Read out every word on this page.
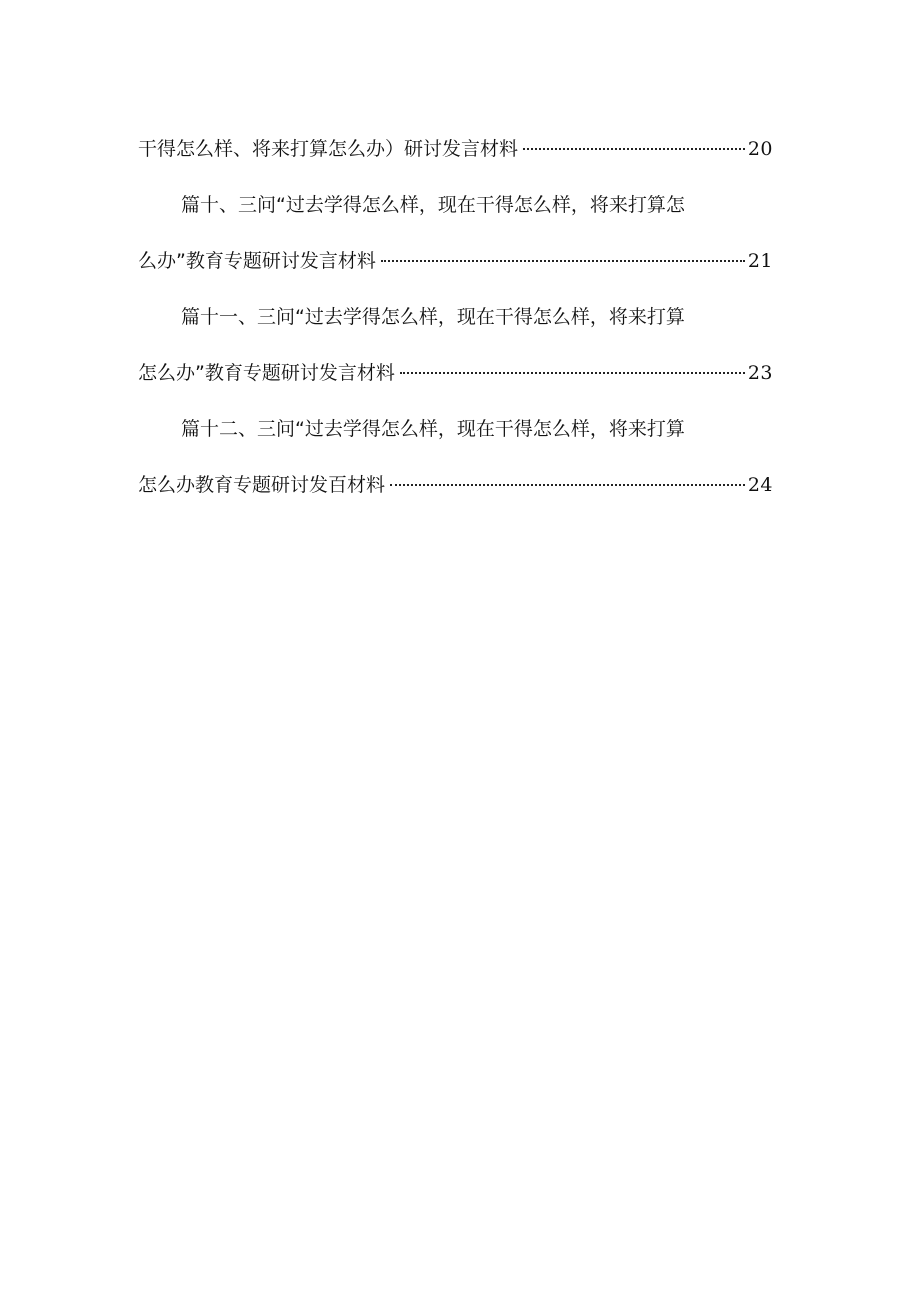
干得怎么样、将来打算怎么办）研讨发言材料	20
篇十、三问“过去学得怎么样，现在干得怎么样，将来打算怎
么办”教育专题研讨发言材料	21
篇十一、三问“过去学得怎么样，现在干得怎么样，将来打算
怎么办”教育专题研讨发言材料	23
篇十二、三问“过去学得怎么样，现在干得怎么样，将来打算
怎么办教育专题研讨发百材料	24
